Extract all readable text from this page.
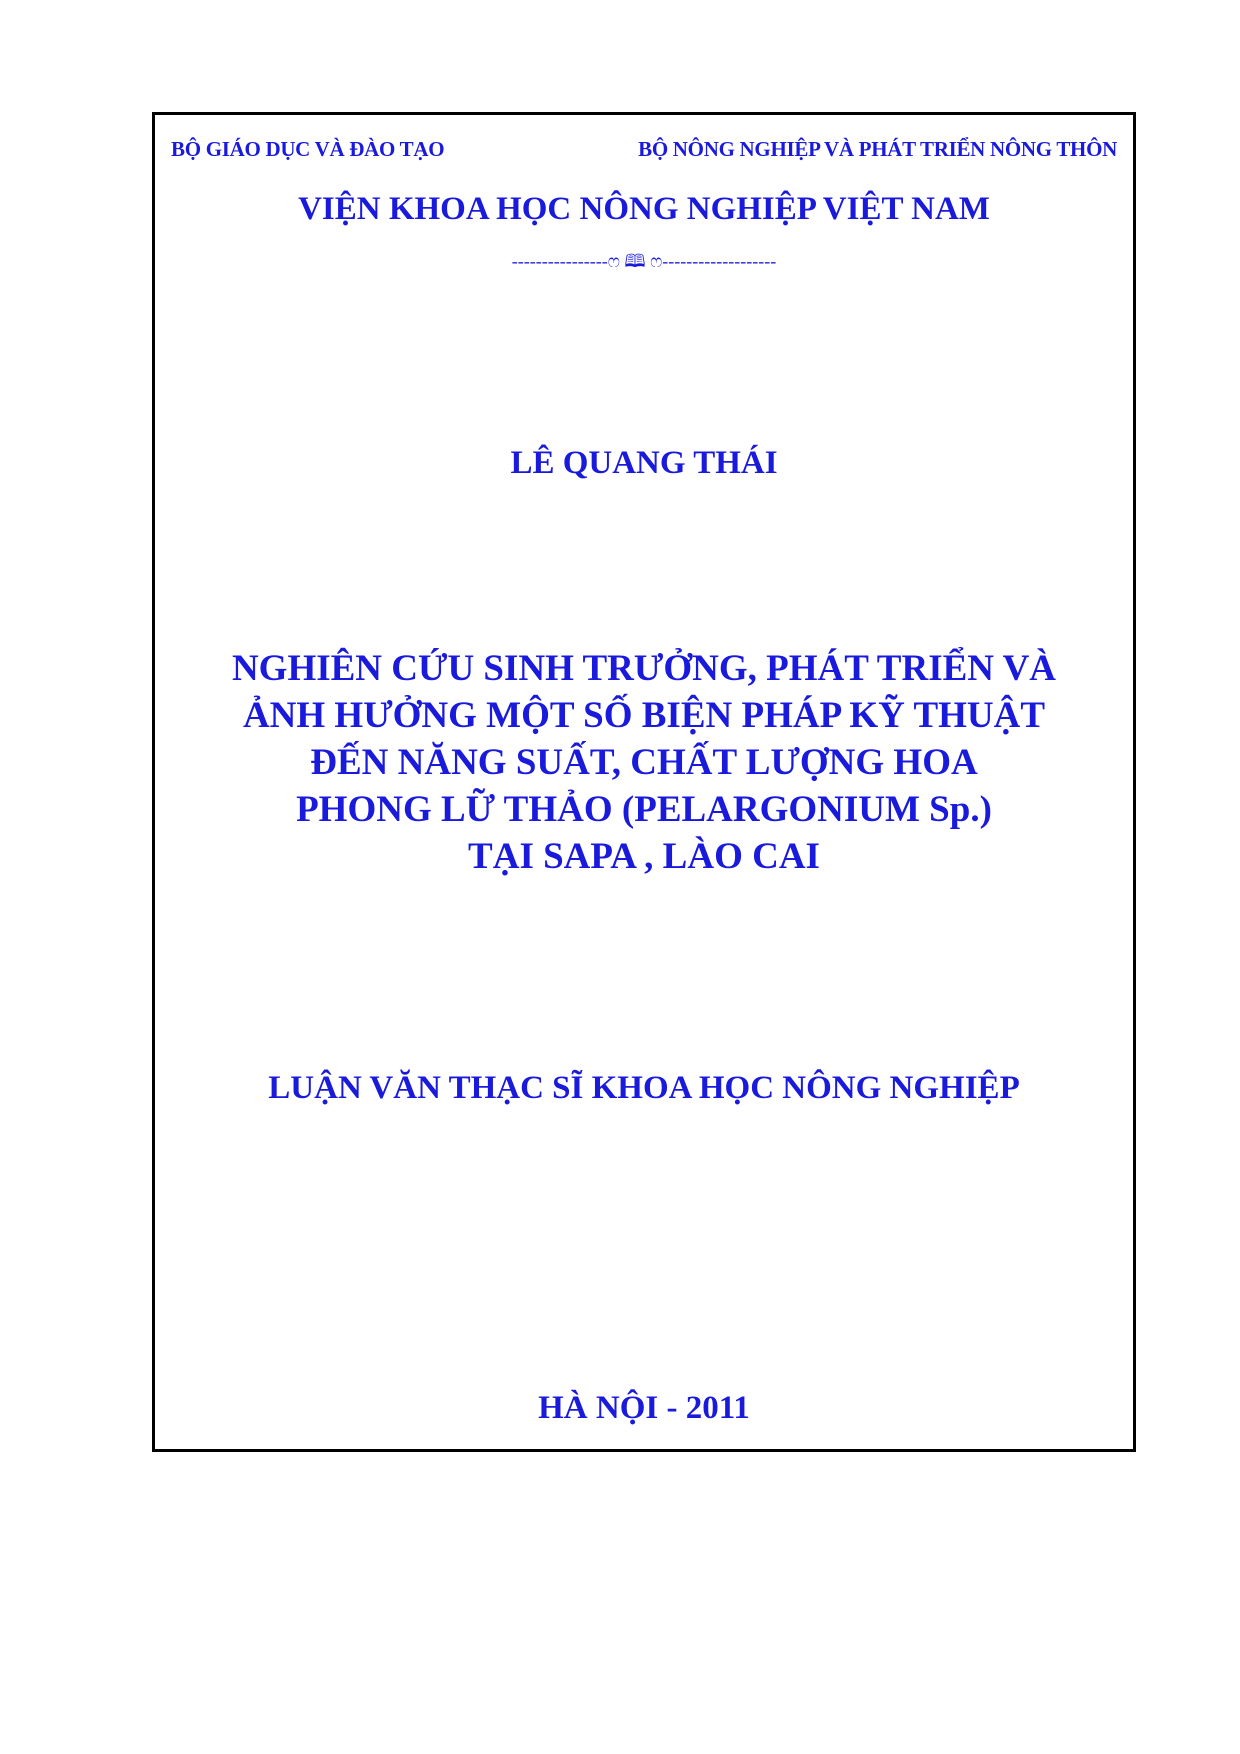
BỘ GIÁO DỤC VÀ ĐÀO TẠO	BỘ NÔNG NGHIỆP VÀ PHÁT TRIỂN NÔNG THÔN
VIỆN KHOA HỌC NÔNG NGHIỆP VIỆT NAM
----------------ෆ 🕮 ෆ-------------------
LÊ QUANG THÁI
NGHIÊN CỨU SINH TRƯỞNG, PHÁT TRIỂN VÀ
ẢNH HƯỞNG MỘT SỐ BIỆN PHÁP KỸ THUẬT
ĐẾN NĂNG SUẤT, CHẤT LƯỢNG HOA
PHONG LỮ THẢO (PELARGONIUM Sp.)
TẠI SAPA , LÀO CAI
LUẬN VĂN THẠC SĨ KHOA HỌC NÔNG NGHIỆP
HÀ NỘI - 2011
